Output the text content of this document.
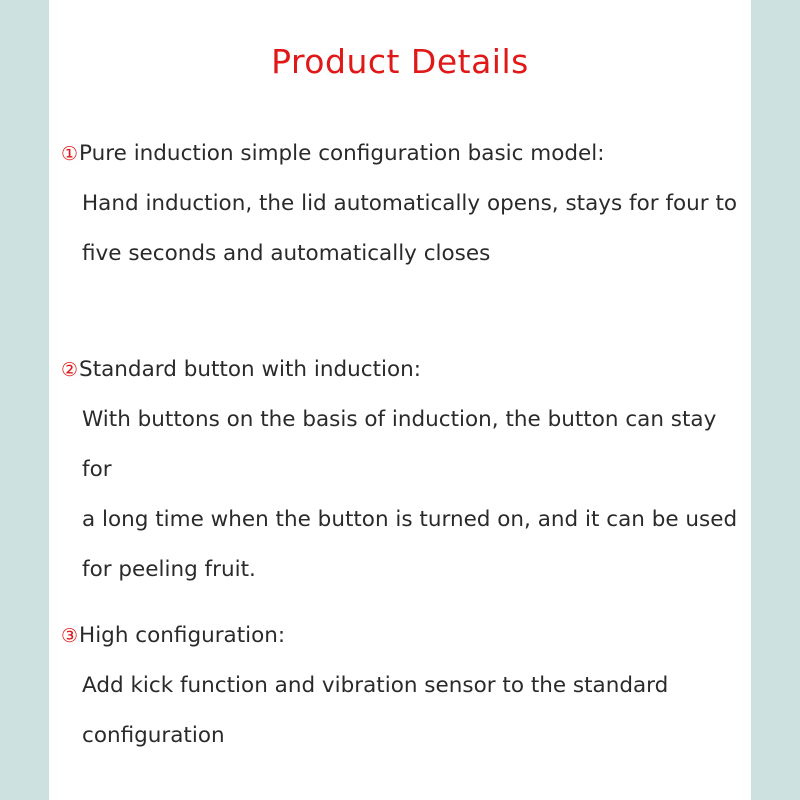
Product Details
① Pure induction simple configuration basic model:
Hand induction, the lid automatically opens, stays for four to
five seconds and automatically closes
② Standard button with induction:
With buttons on the basis of induction, the button can stay for
a long time when the button is turned on, and it can be used
for peeling fruit.
③ High configuration:
Add kick function and vibration sensor to the standard
configuration
